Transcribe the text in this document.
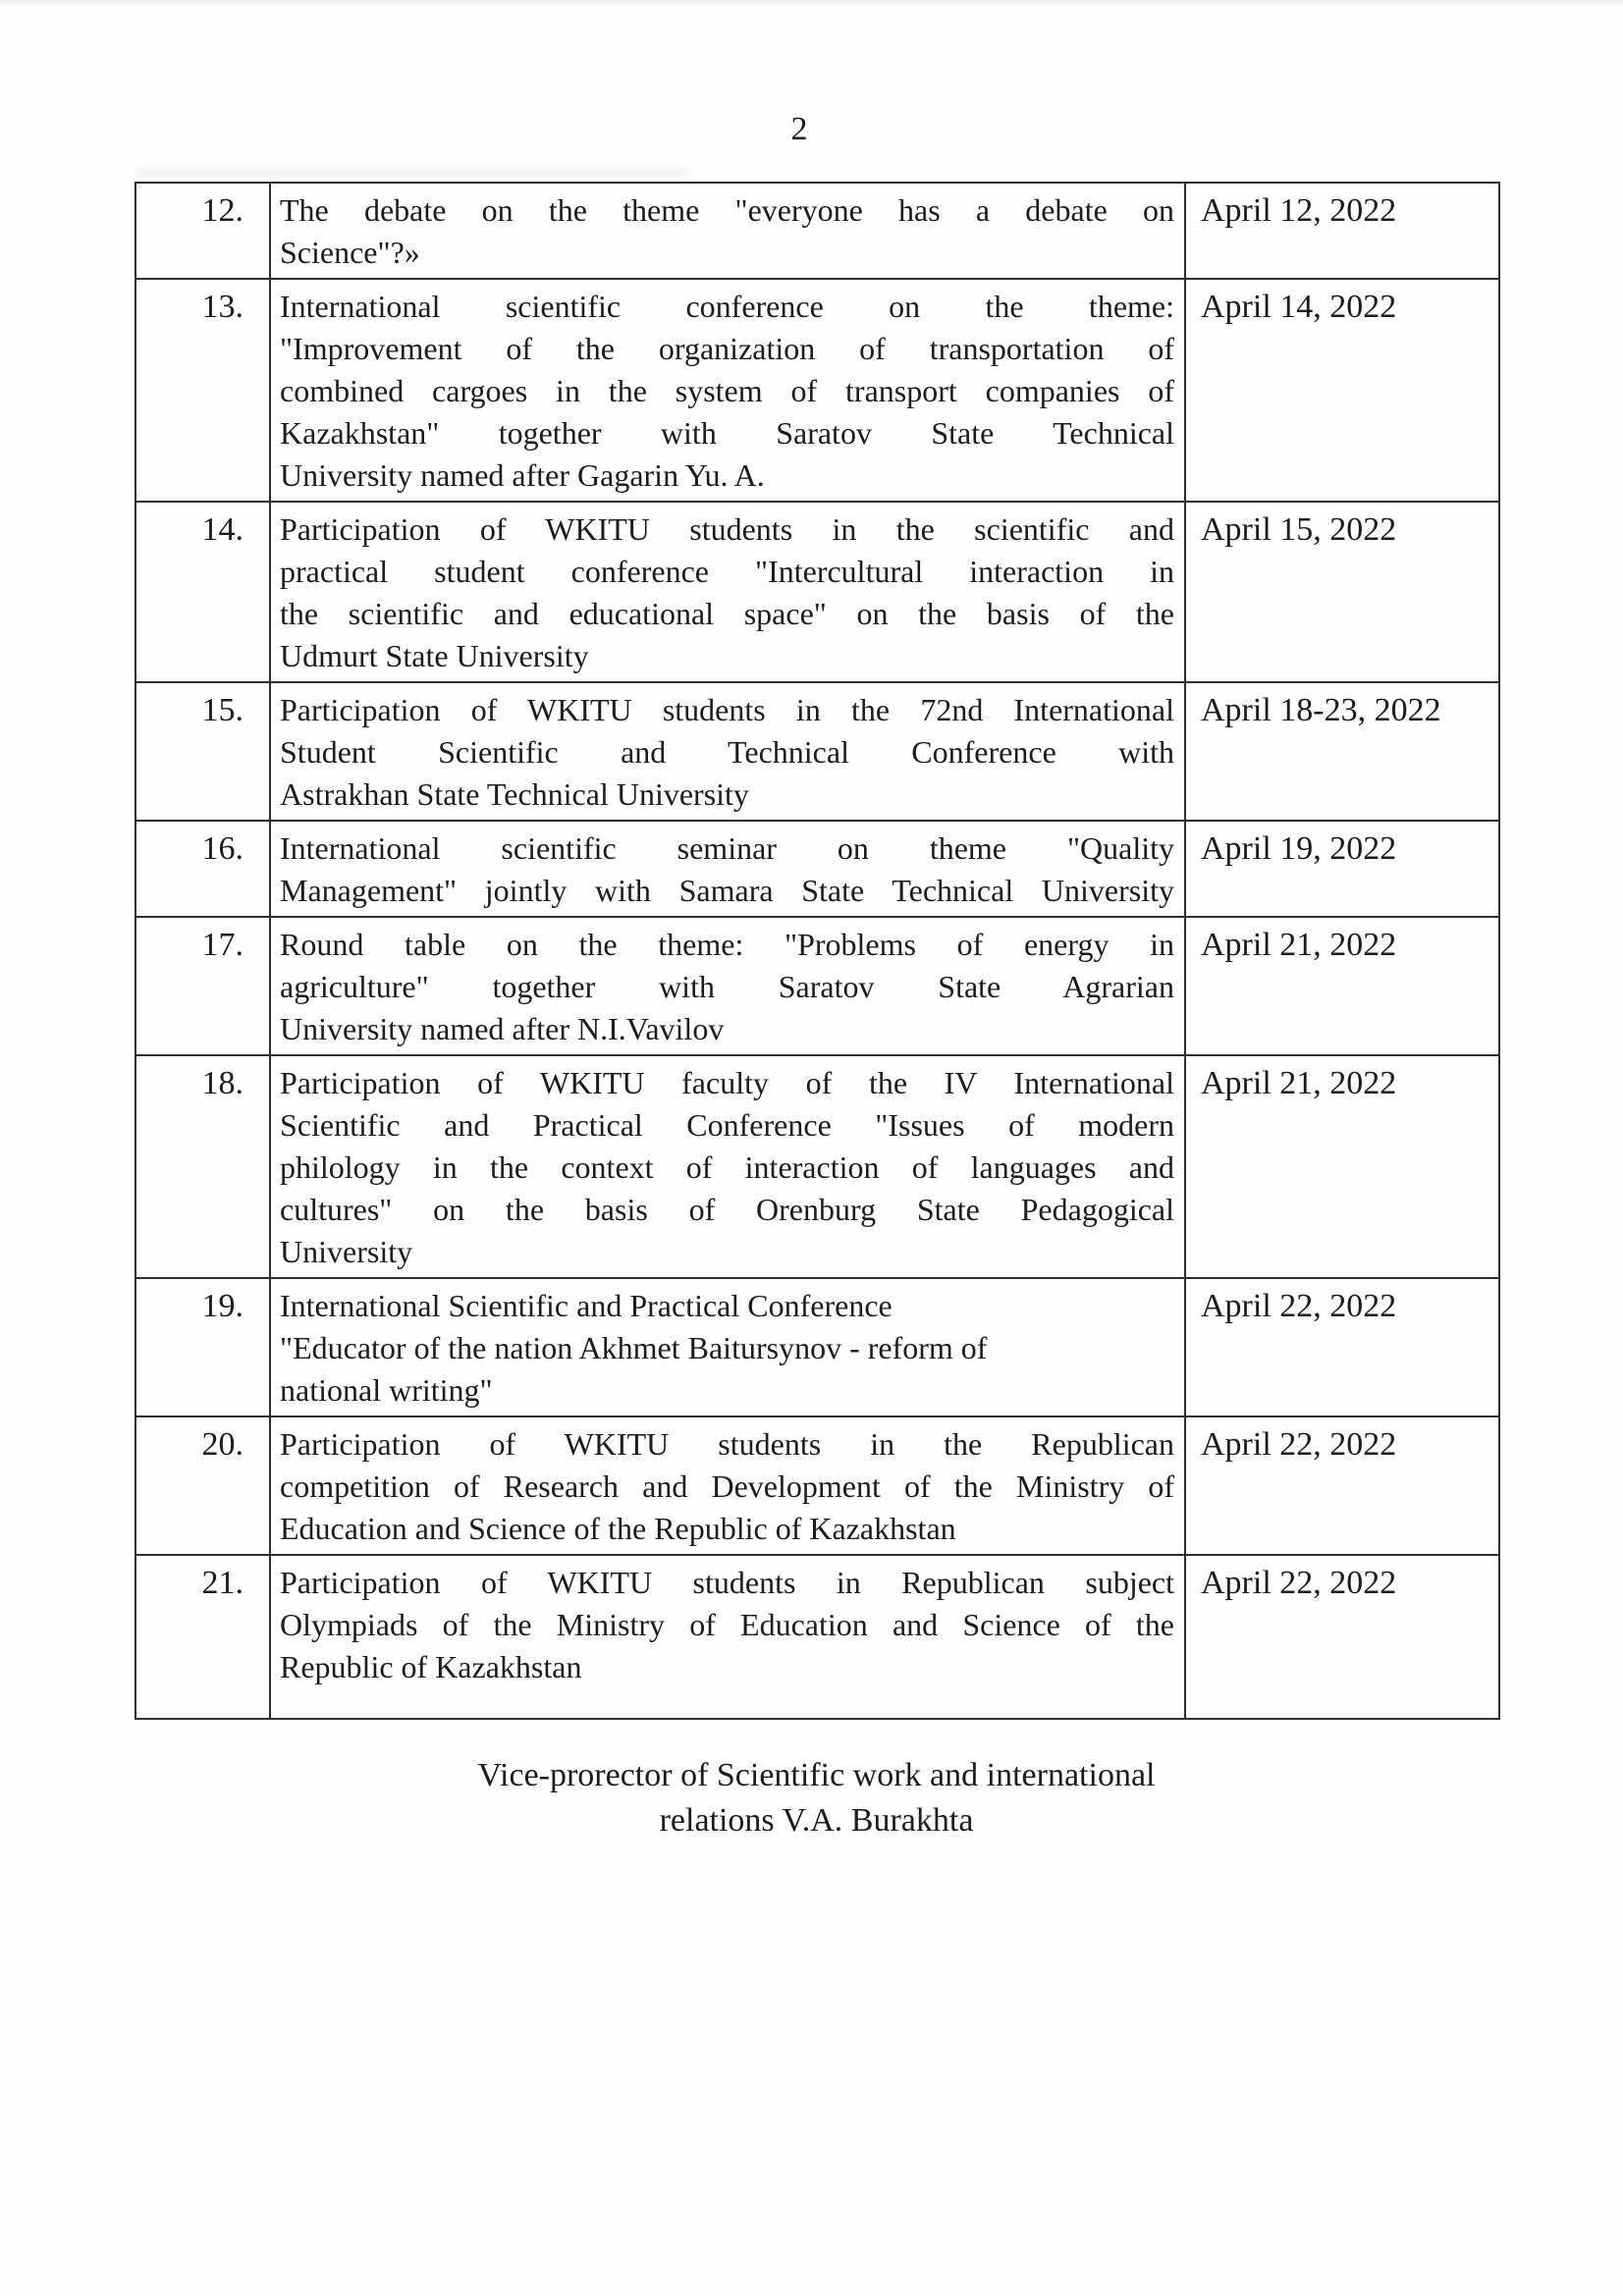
2
12.	The debate on the theme "everyone has a debate on
Science"?»	April 12, 2022
13.	International scientific conference on the theme:
"Improvement of the organization of transportation of
combined cargoes in the system of transport companies of
Kazakhstan" together with Saratov State Technical
University named after Gagarin Yu. A.	April 14, 2022
14.	Participation of WKITU students in the scientific and
practical student conference "Intercultural interaction in
the scientific and educational space" on the basis of the
Udmurt State University	April 15, 2022
15.	Participation of WKITU students in the 72nd International
Student Scientific and Technical Conference with
Astrakhan State Technical University	April 18-23, 2022
16.	International scientific seminar on theme "Quality
Management" jointly with Samara State Technical University	April 19, 2022
17.	Round table on the theme: "Problems of energy in
agriculture" together with Saratov State Agrarian
University named after N.I.Vavilov	April 21, 2022
18.	Participation of WKITU faculty of the IV International
Scientific and Practical Conference "Issues of modern
philology in the context of interaction of languages and
cultures" on the basis of Orenburg State Pedagogical
University	April 21, 2022
19.	International Scientific and Practical Conference
"Educator of the nation Akhmet Baitursynov - reform of
national writing"	April 22, 2022
20.	Participation of WKITU students in the Republican
competition of Research and Development of the Ministry of
Education and Science of the Republic of Kazakhstan	April 22, 2022
21.	Participation of WKITU students in Republican subject
Olympiads of the Ministry of Education and Science of the
Republic of Kazakhstan	April 22, 2022
Vice-prorector of Scientific work and international
relations V.A. Burakhta
